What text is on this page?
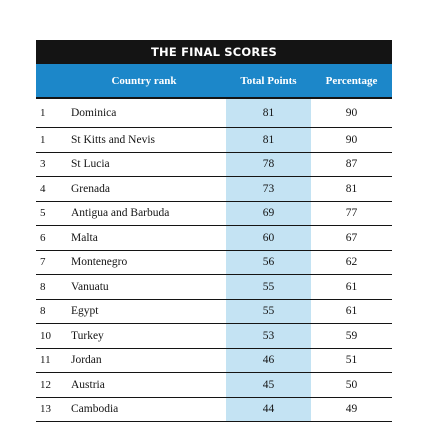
THE FINAL SCORES
Country rank	Total Points	Percentage
1	Dominica	81	90
1	St Kitts and Nevis	81	90
3	St Lucia	78	87
4	Grenada	73	81
5	Antigua and Barbuda	69	77
6	Malta	60	67
7	Montenegro	56	62
8	Vanuatu	55	61
8	Egypt	55	61
10	Turkey	53	59
11	Jordan	46	51
12	Austria	45	50
13	Cambodia	44	49
